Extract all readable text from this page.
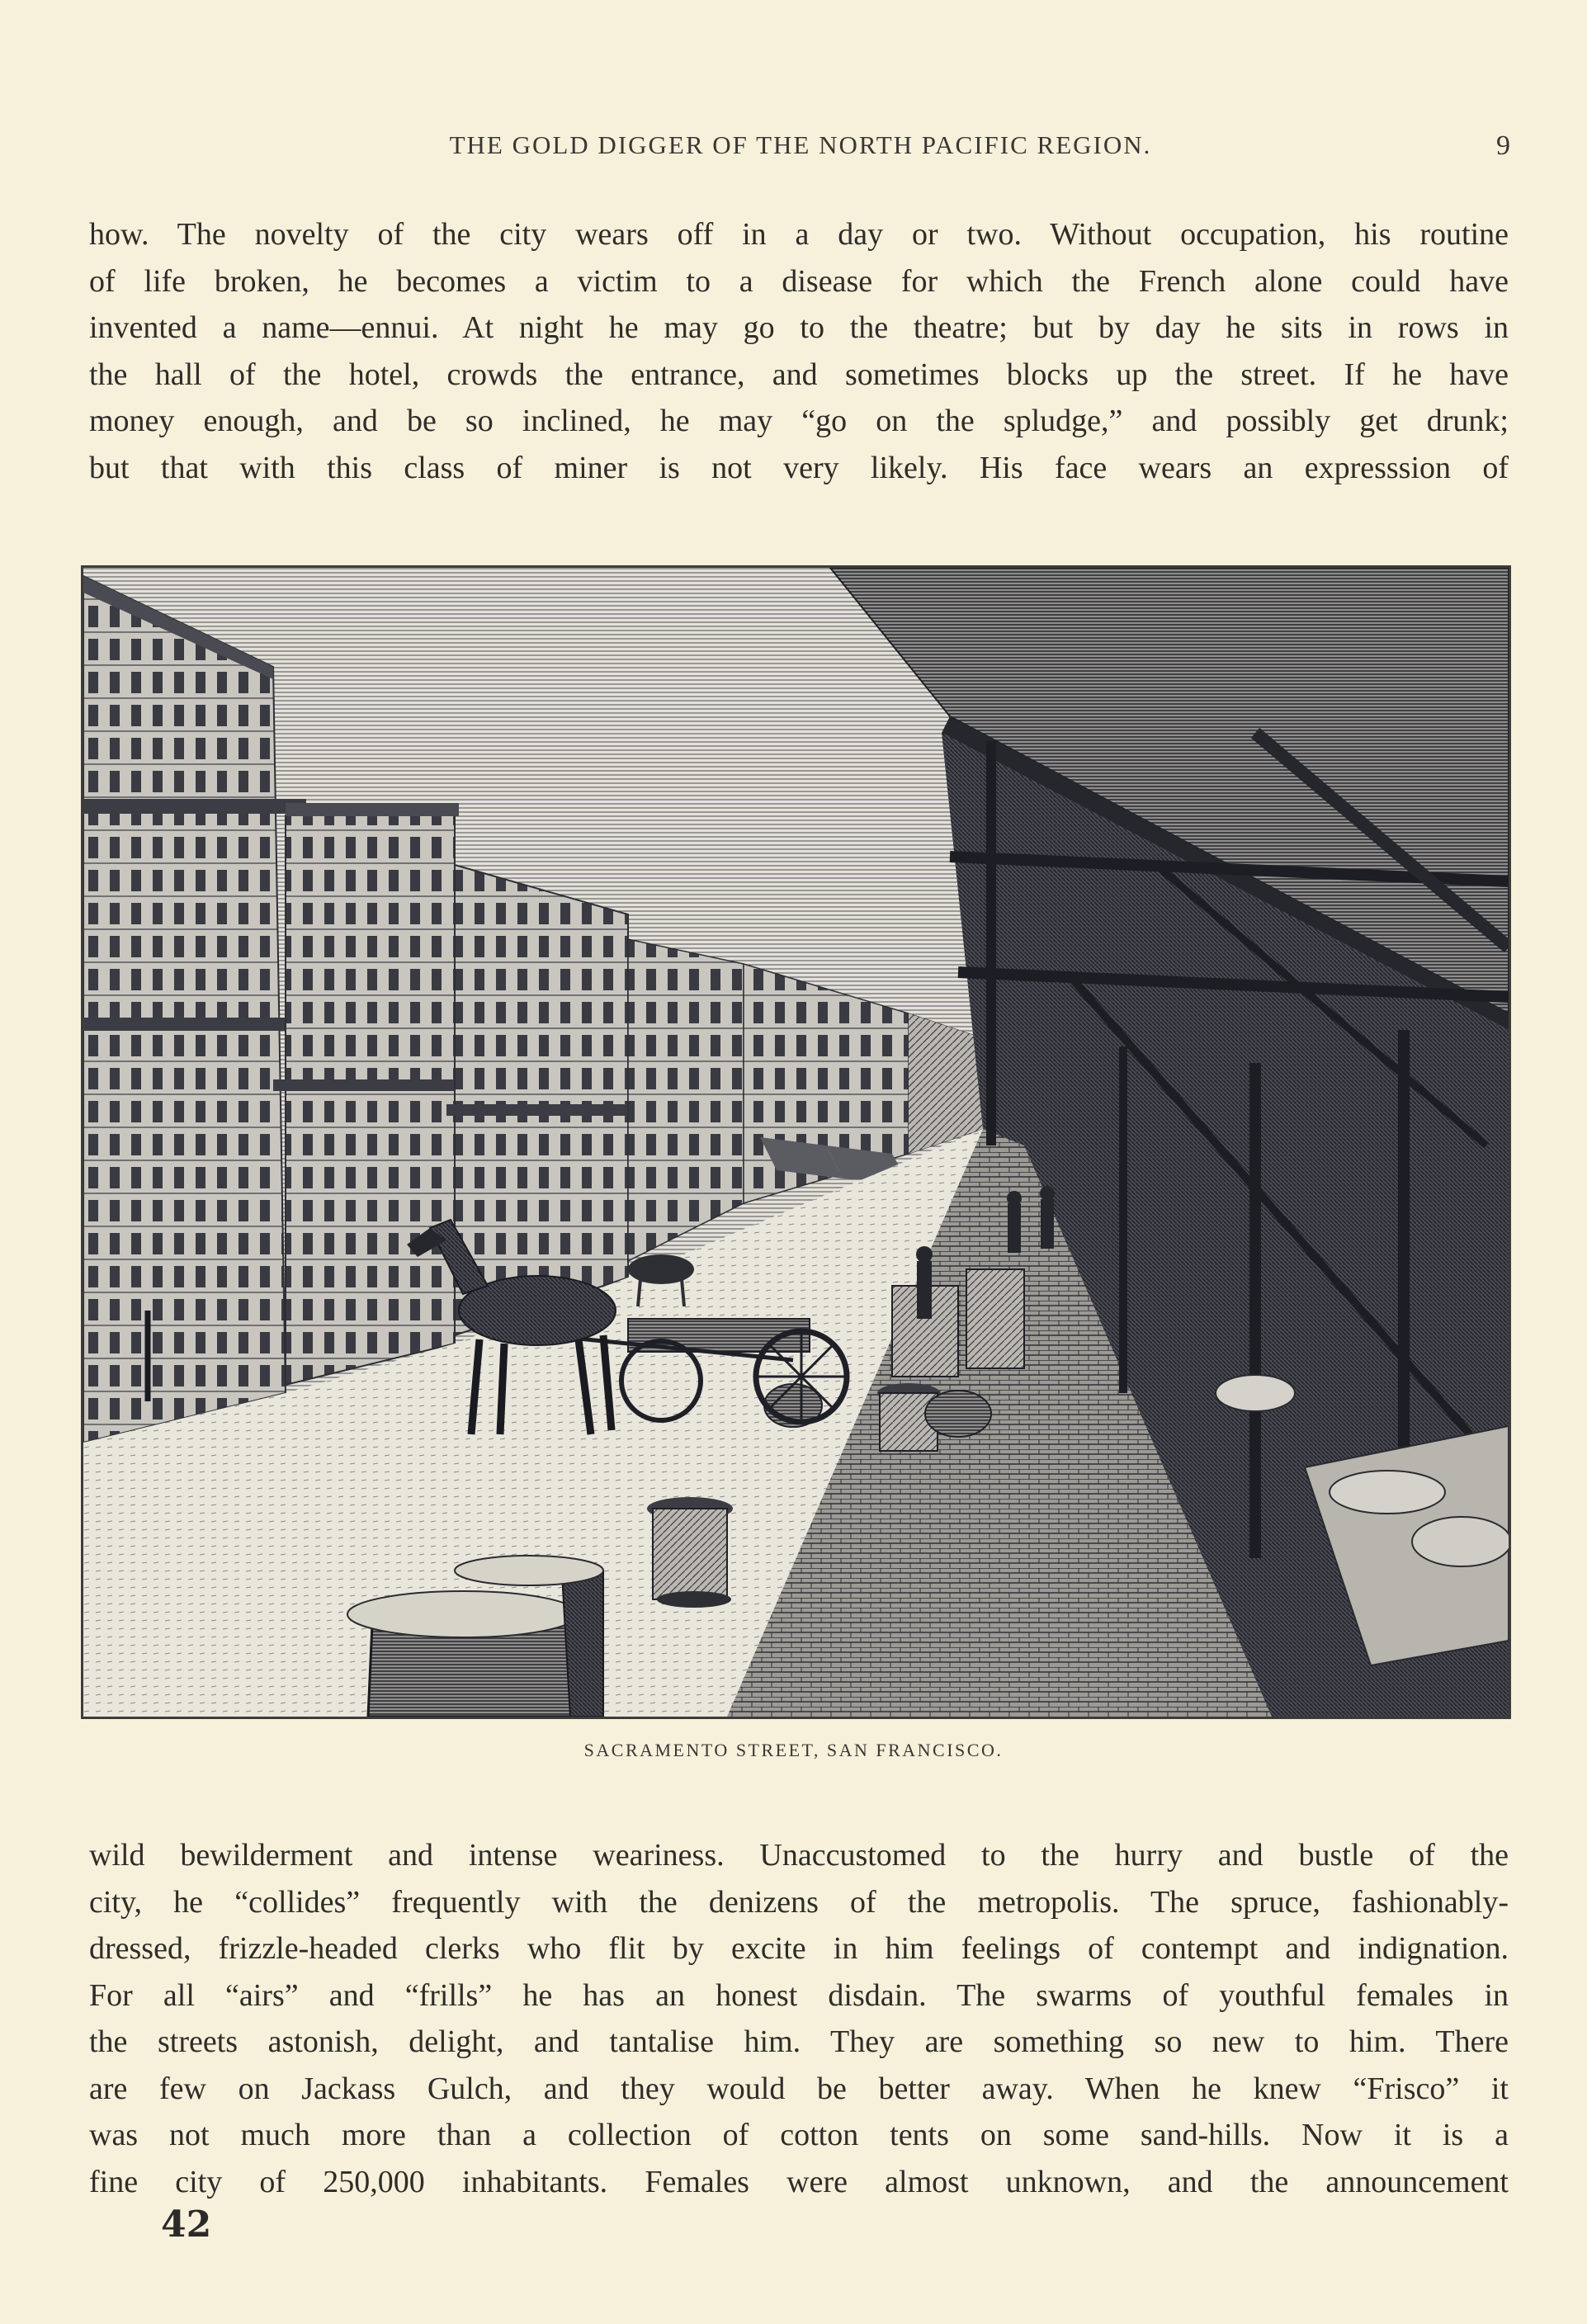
THE GOLD DIGGER OF THE NORTH PACIFIC REGION.	9
how. The novelty of the city wears off in a day or two. Without occupation, his routine
of life broken, he becomes a victim to a disease for which the French alone could have
invented a name—ennui. At night he may go to the theatre; but by day he sits in rows in
the hall of the hotel, crowds the entrance, and sometimes blocks up the street. If he have
money enough, and be so inclined, he may “go on the spludge,” and possibly get drunk;
but that with this class of miner is not very likely. His face wears an expresssion of
SACRAMENTO STREET, SAN FRANCISCO.
wild bewilderment and intense weariness. Unaccustomed to the hurry and bustle of the
city, he “collides” frequently with the denizens of the metropolis. The spruce, fashionably-
dressed, frizzle-headed clerks who flit by excite in him feelings of contempt and indignation.
For all “airs” and “frills” he has an honest disdain. The swarms of youthful females in
the streets astonish, delight, and tantalise him. They are something so new to him. There
are few on Jackass Gulch, and they would be better away. When he knew “Frisco” it
was not much more than a collection of cotton tents on some sand-hills. Now it is a
fine city of 250,000 inhabitants. Females were almost unknown, and the announcement
42
